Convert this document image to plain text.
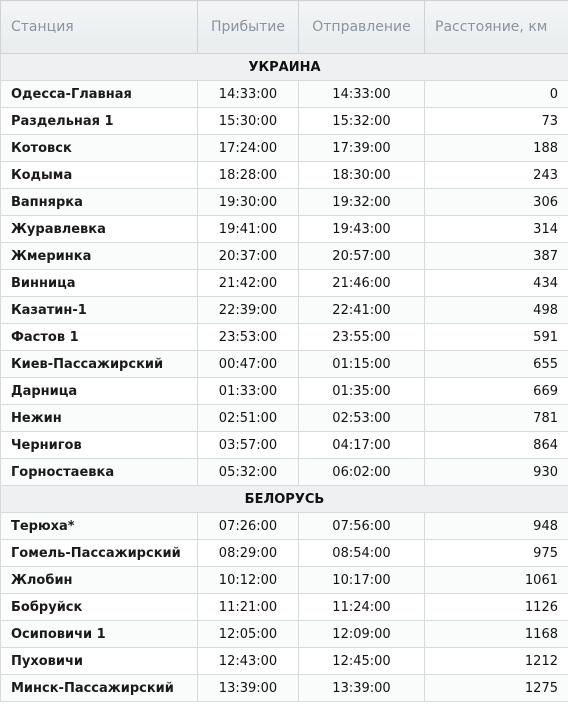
Станция	Прибытие	Отправление	Расстояние, км
УКРАИНА			
Одесса-Главная	14:33:00	14:33:00	0
Раздельная 1	15:30:00	15:32:00	73
Котовск	17:24:00	17:39:00	188
Кодыма	18:28:00	18:30:00	243
Вапнярка	19:30:00	19:32:00	306
Журавлевка	19:41:00	19:43:00	314
Жмеринка	20:37:00	20:57:00	387
Винница	21:42:00	21:46:00	434
Казатин-1	22:39:00	22:41:00	498
Фастов 1	23:53:00	23:55:00	591
Киев-Пассажирский	00:47:00	01:15:00	655
Дарница	01:33:00	01:35:00	669
Нежин	02:51:00	02:53:00	781
Чернигов	03:57:00	04:17:00	864
Горностаевка	05:32:00	06:02:00	930
БЕЛОРУСЬ			
Терюха*	07:26:00	07:56:00	948
Гомель-Пассажирский	08:29:00	08:54:00	975
Жлобин	10:12:00	10:17:00	1061
Бобруйск	11:21:00	11:24:00	1126
Осиповичи 1	12:05:00	12:09:00	1168
Пуховичи	12:43:00	12:45:00	1212
Минск-Пассажирский	13:39:00	13:39:00	1275
